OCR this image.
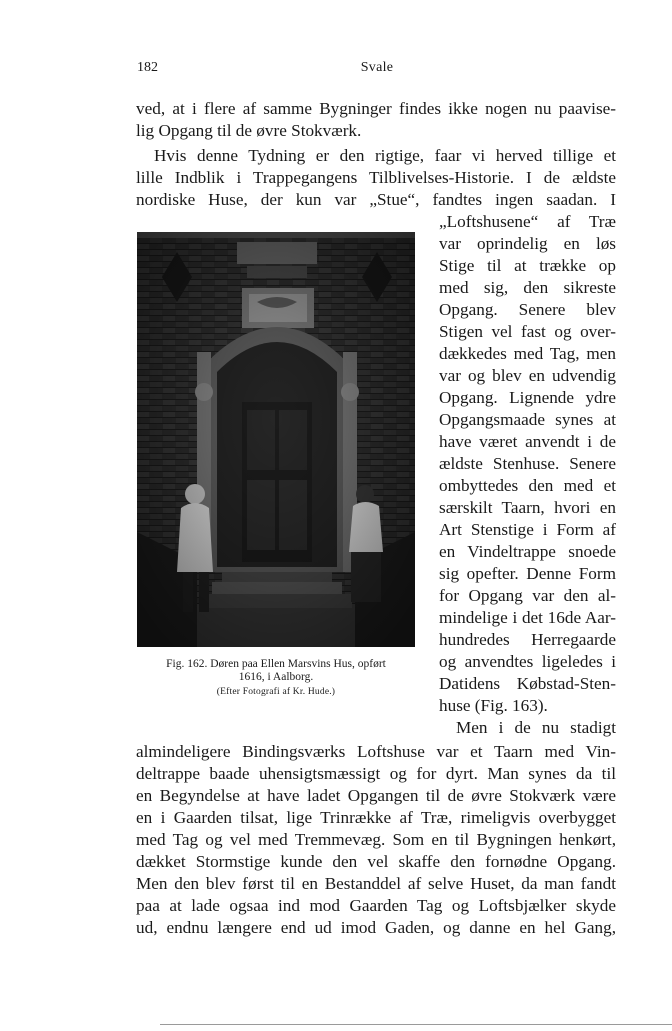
182	Svale
ved, at i flere af samme Bygninger findes ikke nogen nu paavise-
lig Opgang til de øvre Stokværk.
Hvis denne Tydning er den rigtige, faar vi herved tillige et
lille Indblik i Trappegangens Tilblivelses-Historie. I de ældste
nordiske Huse, der kun var „Stue“, fandtes ingen saadan. I
„Loftshusene“ af Træ
var oprindelig en løs
Stige til at trække op
med sig, den sikreste
Opgang. Senere blev
Stigen vel fast og over-
dækkedes med Tag, men
var og blev en udvendig
Opgang. Lignende ydre
Opgangsmaade synes at
have været anvendt i de
ældste Stenhuse. Senere
ombyttedes den med et
særskilt Taarn, hvori en
Art Stenstige i Form af
en Vindeltrappe snoede
sig opefter. Denne Form
for Opgang var den al-
mindelige i det 16de Aar-
hundredes Herregaarde
og anvendtes ligeledes i
Datidens Købstad-Sten-
huse (Fig. 163).
Men i de nu stadigt
Fig. 162. Døren paa Ellen Marsvins Hus, opført
1616, i Aalborg.
(Efter Fotografi af Kr. Hude.)
almindeligere Bindingsværks Loftshuse var et Taarn med Vin-
deltrappe baade uhensigtsmæssigt og for dyrt. Man synes da til
en Begyndelse at have ladet Opgangen til de øvre Stokværk være
en i Gaarden tilsat, lige Trinrække af Træ, rimeligvis overbygget
med Tag og vel med Tremmevæg. Som en til Bygningen henkørt,
dækket Stormstige kunde den vel skaffe den fornødne Opgang.
Men den blev først til en Bestanddel af selve Huset, da man fandt
paa at lade ogsaa ind mod Gaarden Tag og Loftsbjælker skyde
ud, endnu længere end ud imod Gaden, og danne en hel Gang,
